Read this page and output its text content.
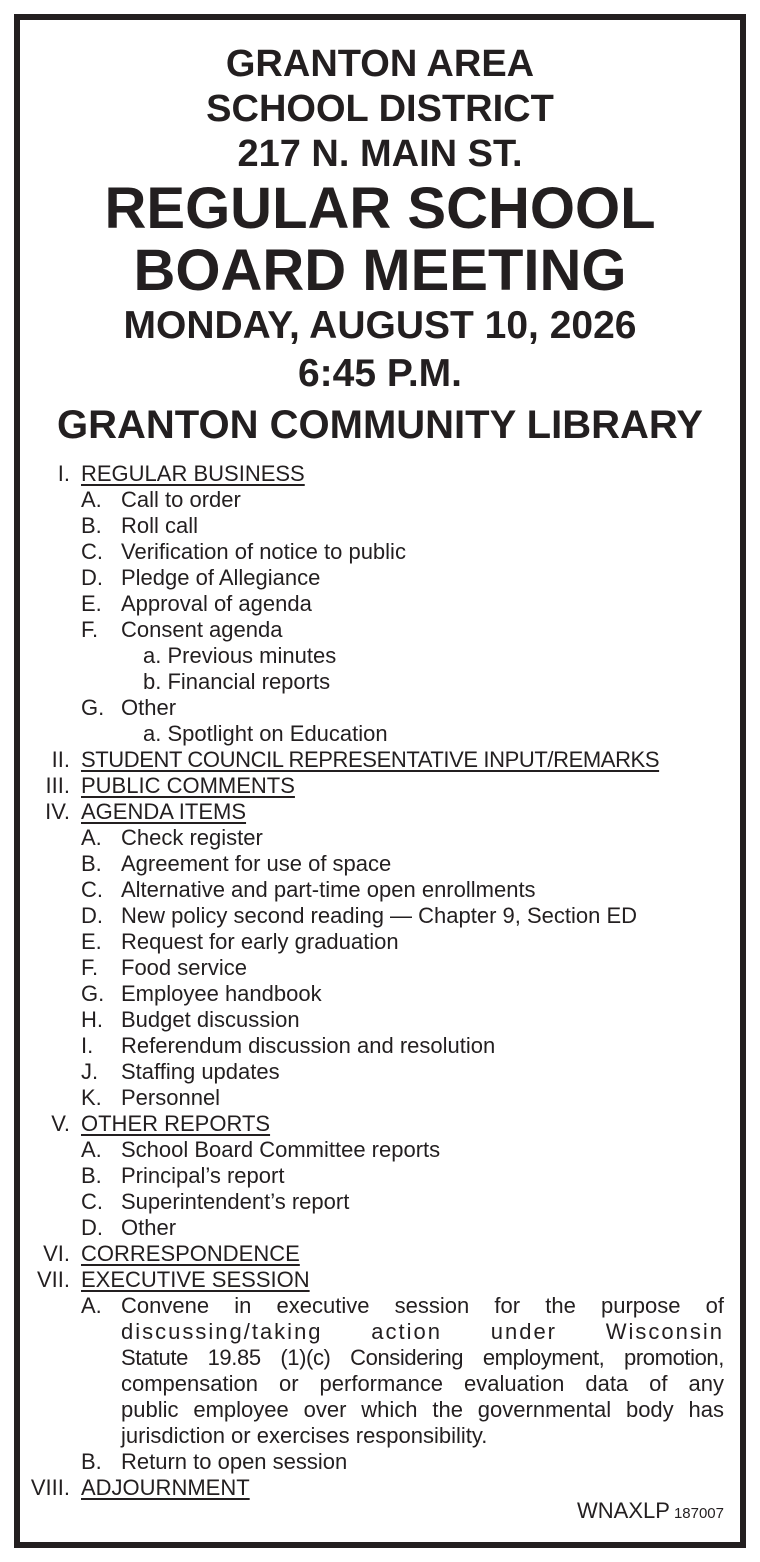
GRANTON AREA
SCHOOL DISTRICT
217 N. MAIN ST.
REGULAR SCHOOL
BOARD MEETING
MONDAY, AUGUST 10, 2026
6:45 P.M.
GRANTON COMMUNITY LIBRARY
I. REGULAR BUSINESS
A. Call to order
B. Roll call
C. Verification of notice to public
D. Pledge of Allegiance
E. Approval of agenda
F. Consent agenda
a. Previous minutes
b. Financial reports
G. Other
a. Spotlight on Education
II. STUDENT COUNCIL REPRESENTATIVE INPUT/REMARKS
III. PUBLIC COMMENTS
IV. AGENDA ITEMS
A. Check register
B. Agreement for use of space
C. Alternative and part-time open enrollments
D. New policy second reading — Chapter 9, Section ED
E. Request for early graduation
F. Food service
G. Employee handbook
H. Budget discussion
I. Referendum discussion and resolution
J. Staffing updates
K. Personnel
V. OTHER REPORTS
A. School Board Committee reports
B. Principal’s report
C. Superintendent’s report
D. Other
VI. CORRESPONDENCE
VII. EXECUTIVE SESSION
A. Convene in executive session for the purpose of
discussing/taking action under Wisconsin
Statute 19.85 (1)(c) Considering employment, promotion,
compensation or performance evaluation data of any
public employee over which the governmental body has
jurisdiction or exercises responsibility.
B. Return to open session
VIII. ADJOURNMENT
WNAXLP 187007
